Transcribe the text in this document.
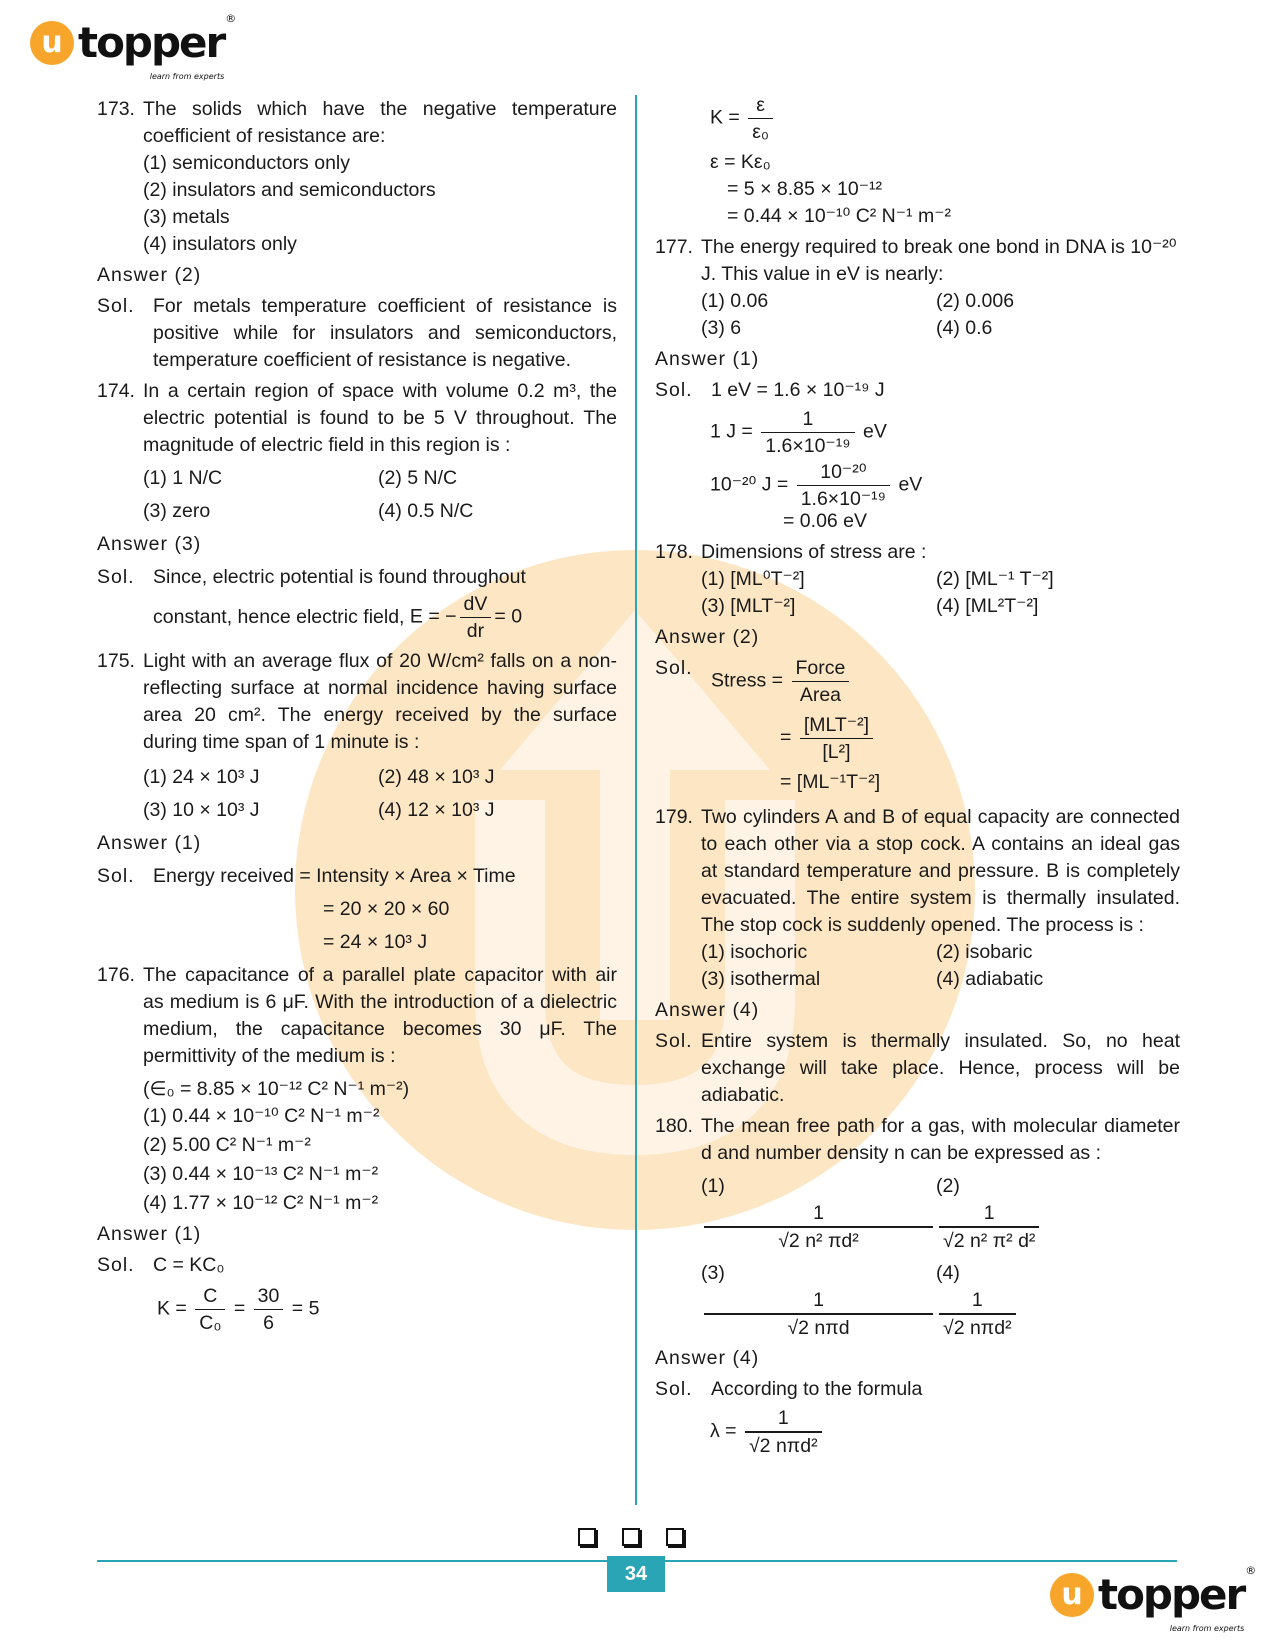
u topper ®
learn from experts
173. The solids which have the negative temperature coefficient of resistance are:
(1) semiconductors only
(2) insulators and semiconductors
(3) metals
(4) insulators only
Answer (2)
Sol. For metals temperature coefficient of resistance is positive while for insulators and semiconductors, temperature coefficient of resistance is negative.
174. In a certain region of space with volume 0.2 m³, the electric potential is found to be 5 V throughout. The magnitude of electric field in this region is :
(1) 1 N/C	(2) 5 N/C
(3) zero	(4) 0.5 N/C
Answer (3)
Sol. Since, electric potential is found throughout
constant, hence electric field, E = − $\frac{dV}{dr} = 0$
175. Light with an average flux of 20 W/cm² falls on a non-reflecting surface at normal incidence having surface area 20 cm². The energy received by the surface during time span of 1 minute is :
(1) 24 × 10³ J	(2) 48 × 10³ J
(3) 10 × 10³ J	(4) 12 × 10³ J
Answer (1)
Sol. Energy received = Intensity × Area × Time
= 20 × 20 × 60
= 24 × 10³ J
176. The capacitance of a parallel plate capacitor with air as medium is 6 μF. With the introduction of a dielectric medium, the capacitance becomes 30 μF. The permittivity of the medium is :
(∈₀ = 8.85 × 10⁻¹² C² N⁻¹ m⁻²)
(1) 0.44 × 10⁻¹⁰ C² N⁻¹ m⁻²
(2) 5.00 C² N⁻¹ m⁻²
(3) 0.44 × 10⁻¹³ C² N⁻¹ m⁻²
(4) 1.77 × 10⁻¹² C² N⁻¹ m⁻²
Answer (1)
Sol. C = KC₀
$K = \frac{C}{\text{C₀}} = \frac{30}{6} = 5$
$K = \frac{\varepsilon}{\text{ε₀}}$
ε = Kε₀
= 5 × 8.85 × 10⁻¹²
= 0.44 × 10⁻¹⁰ C² N⁻¹ m⁻²
177. The energy required to break one bond in DNA is 10⁻²⁰ J. This value in eV is nearly:
(1) 0.06	(2) 0.006
(3) 6	(4) 0.6
Answer (1)
Sol. 1 eV = 1.6 × 10⁻¹⁹ J
1 $J = \frac{1}{\text{1.6×10⁻¹⁹}}$ eV
10⁻²⁰ $J = \frac{\text{10⁻²⁰}}{\text{1.6×10⁻¹⁹}}$ eV
= 0.06 eV
178. Dimensions of stress are :
(1) [ML⁰T⁻²]	(2) [ML⁻¹ T⁻²]
(3) [MLT⁻²]	(4) [ML²T⁻²]
Answer (2)
Sol.
Stress = $\frac{\text{Force}}{\text{Area}}$
= $\frac{\text{[MLT⁻²]}}{\text{[L²]}}$
= [ML⁻¹T⁻²]
179. Two cylinders A and B of equal capacity are connected to each other via a stop cock. A contains an ideal gas at standard temperature and pressure. B is completely evacuated. The entire system is thermally insulated. The stop cock is suddenly opened. The process is :
(1) isochoric	(2) isobaric
(3) isothermal	(4) adiabatic
Answer (4)
Sol. Entire system is thermally insulated. So, no heat exchange will take place. Hence, process will be adiabatic.
180. The mean free path for a gas, with molecular diameter d and number density n can be expressed as :
(1)
1
√2 n² πd²
(2)
1
√2 n² π² d²
(3)
1
√2 nπd
(4)
1
√2 nπd²
Answer (4)
Sol. According to the formula
$\lambda = \frac{1}{\text{√2 nπd²}}$
34
u topper ®
learn from experts
